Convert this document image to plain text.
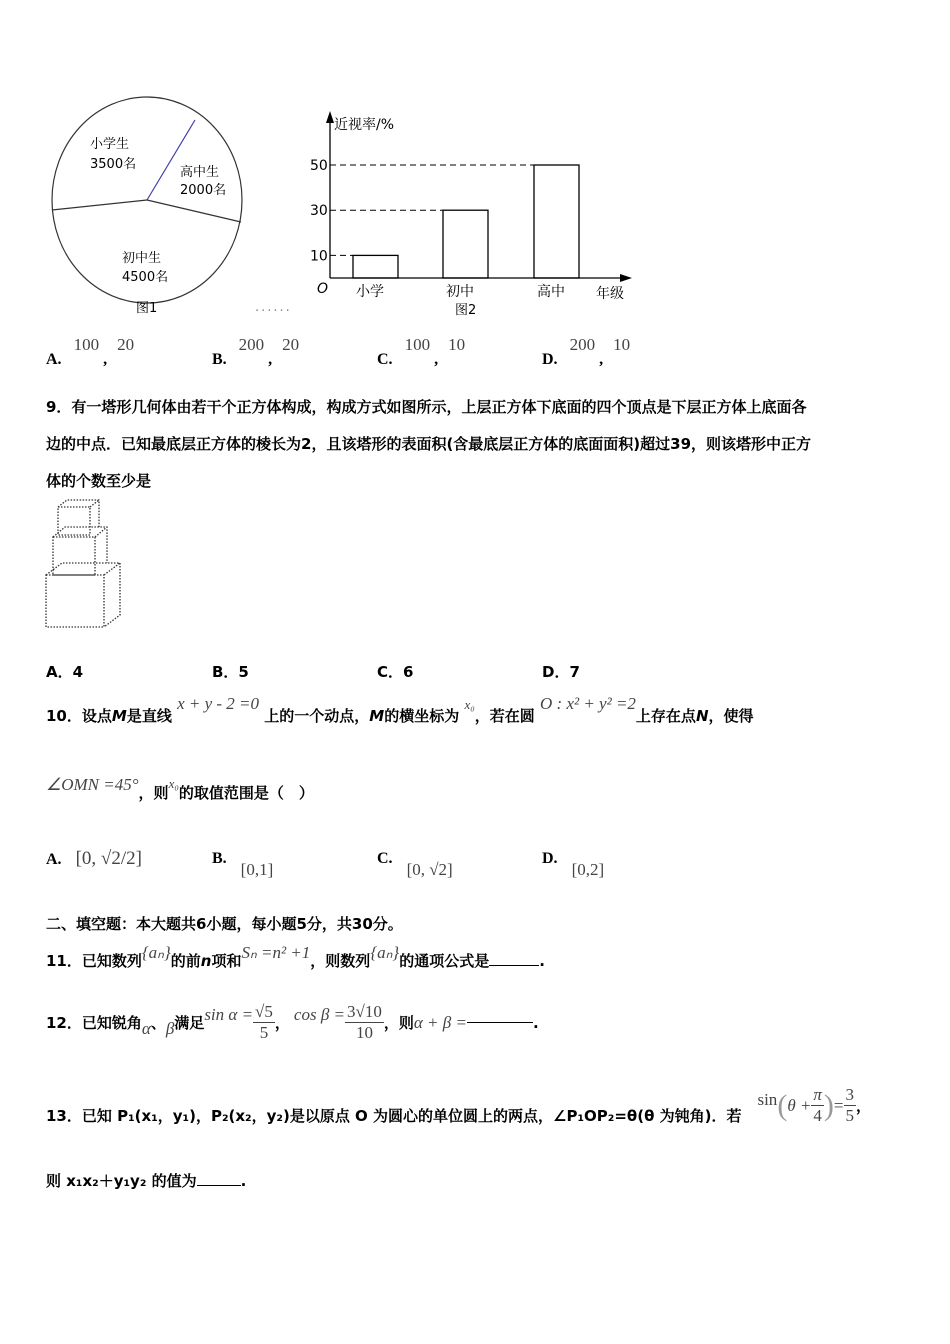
小学生
3500名
高中生
2000名
初中生
4500名
图1	......
近视率/%
O	年级
图2
小学
10
初中
30
高中
50
A.100,20
B.200,20
C.100,10
D.200,10
9．有一塔形几何体由若干个正方体构成，构成方式如图所示，上层正方体下底面的四个顶点是下层正方体上底面各
边的中点．已知最底层正方体的棱长为2，且该塔形的表面积(含最底层正方体的底面面积)超过39，则该塔形中正方
体的个数至少是
A．4	B．5	C．6	D．7
10．设点M是直线 x + y - 2 =0 上的一个动点，M的横坐标为 x₀，若在圆 O : x² + y² =2上存在点N，使得
∠OMN =45°，则x₀的取值范围是（　）
A. [0, √2/2]	B.[0,1]
C.[0, √2]
D.[0,2]
二、填空题：本大题共6小题，每小题5分，共30分。
11．已知数列{aₙ}的前n项和Sₙ =n² +1，则数列{aₙ}的通项公式是	.
12．已知锐角 α 、 β 满足 $\sin \alpha = \frac{√5}{5}$ ， $\cos \beta = \frac{3√10}{10}$ ，则 α + β =	.
13．已知 P₁(x₁，y₁)，P₂(x₂，y₂)是以原点 O 为圆心的单位圆上的两点，∠P₁OP₂=θ(θ 为钝角)．若
sin ( $\theta + \frac{\pi}{4}$ ) = $\frac{3}{5}$ ，
则 x₁x₂＋y₁y₂ 的值为	.
